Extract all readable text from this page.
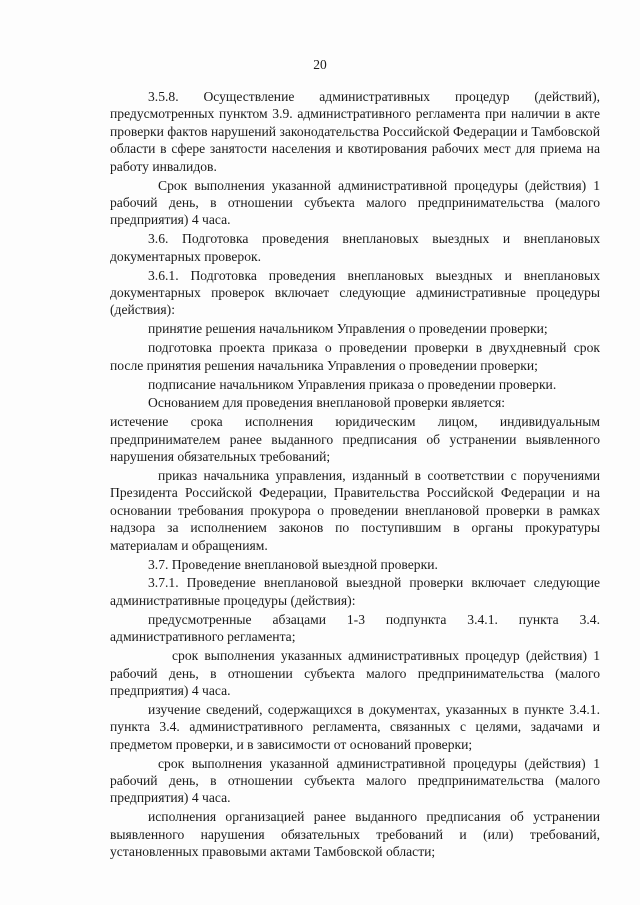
20

3.5.8. Осуществление административных процедур (действий), предусмотренных пунктом 3.9. административного регламента при наличии в акте проверки фактов нарушений законодательства Российской Федерации и Тамбовской области в сфере занятости населения и квотирования рабочих мест для приема на работу инвалидов.

Срок выполнения указанной административной процедуры (действия) 1 рабочий день, в отношении субъекта малого предпринимательства (малого предприятия) 4 часа.

3.6. Подготовка проведения внеплановых выездных и внеплановых документарных проверок.

3.6.1. Подготовка проведения внеплановых выездных и внеплановых документарных проверок включает следующие административные процедуры (действия):

принятие решения начальником Управления о проведении проверки;

подготовка проекта приказа о проведении проверки в двухдневный срок после принятия решения начальника Управления о проведении проверки;

подписание начальником Управления приказа о проведении проверки.

Основанием для проведения внеплановой проверки является:

истечение срока исполнения юридическим лицом, индивидуальным предпринимателем ранее выданного предписания об устранении выявленного нарушения обязательных требований;

приказ начальника управления, изданный в соответствии с поручениями Президента Российской Федерации, Правительства Российской Федерации и на основании требования прокурора о проведении внеплановой проверки в рамках надзора за исполнением законов по поступившим в органы прокуратуры материалам и обращениям.

3.7. Проведение внеплановой выездной проверки.

3.7.1. Проведение внеплановой выездной проверки включает следующие административные процедуры (действия):

предусмотренные абзацами 1-3 подпункта 3.4.1. пункта 3.4. административного регламента;

срок выполнения указанных административных процедур (действия) 1 рабочий день, в отношении субъекта малого предпринимательства (малого предприятия) 4 часа.

изучение сведений, содержащихся в документах, указанных в пункте 3.4.1. пункта 3.4. административного регламента, связанных с целями, задачами и предметом проверки, и в зависимости от оснований проверки;

срок выполнения указанной административной процедуры (действия) 1 рабочий день, в отношении субъекта малого предпринимательства (малого предприятия) 4 часа.

исполнения организацией ранее выданного предписания об устранении выявленного нарушения обязательных требований и (или) требований, установленных правовыми актами Тамбовской области;
